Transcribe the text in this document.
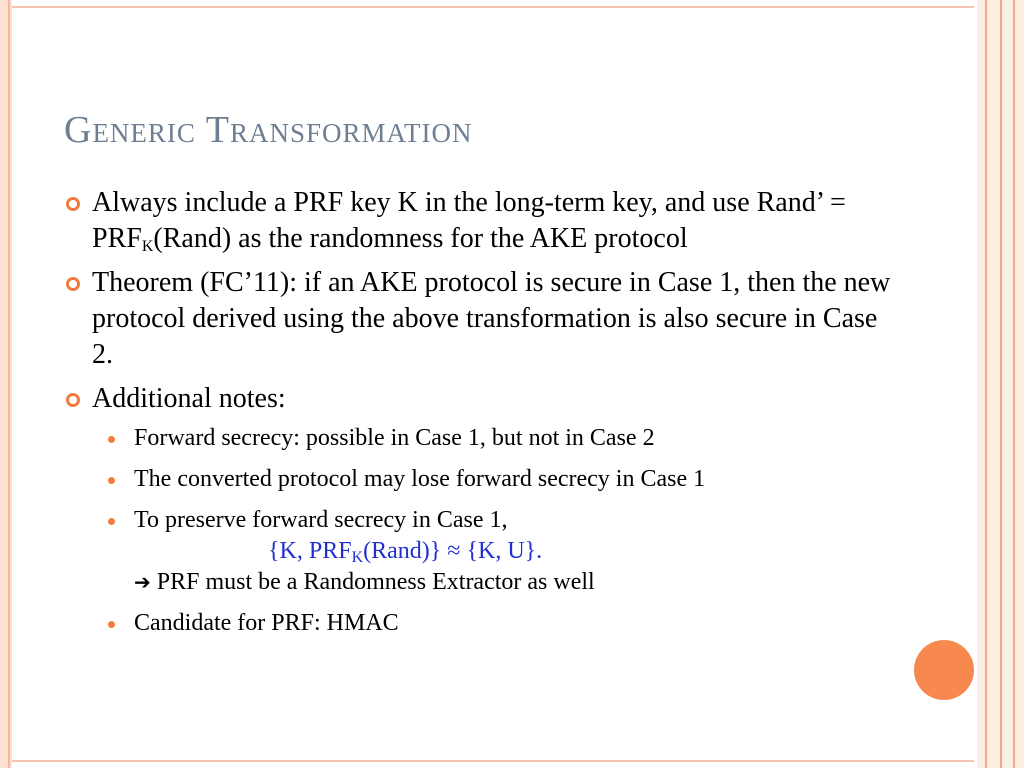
Generic Transformation
Always include a PRF key K in the long-term key, and use Rand’ = $PRF_K(Rand)$ as the randomness for the AKE protocol
Theorem (FC’11): if an AKE protocol is secure in Case 1, then the new protocol derived using the above transformation is also secure in Case 2.
Additional notes:
Forward secrecy: possible in Case 1, but not in Case 2
The converted protocol may lose forward secrecy in Case 1
To preserve forward secrecy in Case 1,
{K, $PRF_K(Rand)\} \approx \{K$, U}.
➔ PRF must be a Randomness Extractor as well
Candidate for PRF: HMAC
